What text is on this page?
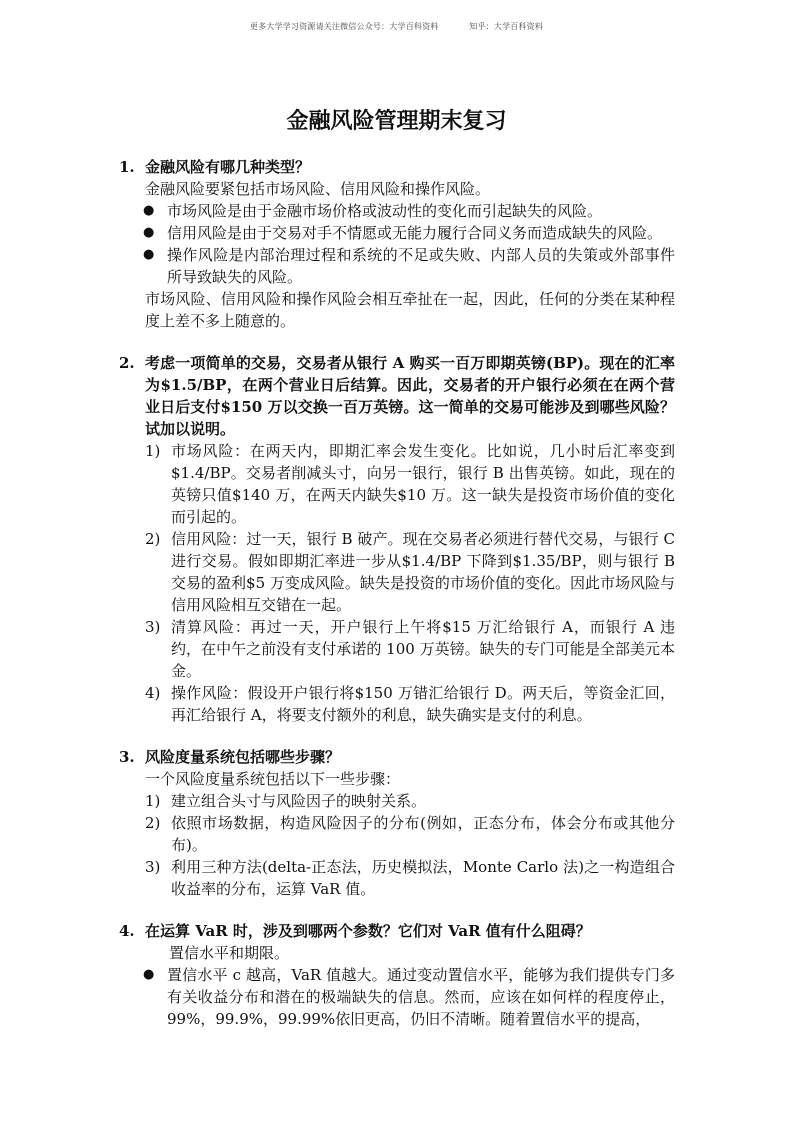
更多大学学习资源请关注微信公众号：大学百科资料	知乎：大学百科资料
金融风险管理期末复习
1. 金融风险有哪几种类型？
金融风险要紧包括市场风险、信用风险和操作风险。
● 市场风险是由于金融市场价格或波动性的变化而引起缺失的风险。
● 信用风险是由于交易对手不情愿或无能力履行合同义务而造成缺失的风险。
● 操作风险是内部治理过程和系统的不足或失败、内部人员的失策或外部事件所导致缺失的风险。
市场风险、信用风险和操作风险会相互牵扯在一起，因此，任何的分类在某种程度上差不多上随意的。
2. 考虑一项简单的交易，交易者从银行 A 购买一百万即期英镑(BP)。现在的汇率为$1.5/BP，在两个营业日后结算。因此，交易者的开户银行必须在在两个营业日后支付$150 万以交换一百万英镑。这一简单的交易可能涉及到哪些风险？试加以说明。
1) 市场风险：在两天内，即期汇率会发生变化。比如说，几小时后汇率变到$1.4/BP。交易者削减头寸，向另一银行，银行 B 出售英镑。如此，现在的英镑只值$140 万，在两天内缺失$10 万。这一缺失是投资市场价值的变化而引起的。
2) 信用风险：过一天，银行 B 破产。现在交易者必须进行替代交易，与银行 C 进行交易。假如即期汇率进一步从$1.4/BP 下降到$1.35/BP，则与银行 B 交易的盈利$5 万变成风险。缺失是投资的市场价值的变化。因此市场风险与信用风险相互交错在一起。
3) 清算风险：再过一天，开户银行上午将$15 万汇给银行 A，而银行 A 违约，在中午之前没有支付承诺的 100 万英镑。缺失的专门可能是全部美元本金。
4) 操作风险：假设开户银行将$150 万错汇给银行 D。两天后，等资金汇回，再汇给银行 A，将要支付额外的利息，缺失确实是支付的利息。
3. 风险度量系统包括哪些步骤？
一个风险度量系统包括以下一些步骤：
1) 建立组合头寸与风险因子的映射关系。
2) 依照市场数据，构造风险因子的分布(例如，正态分布，体会分布或其他分布)。
3) 利用三种方法(delta-正态法，历史模拟法，Monte Carlo 法)之一构造组合收益率的分布，运算 VaR 值。
4. 在运算 VaR 时，涉及到哪两个参数？它们对 VaR 值有什么阻碍？
置信水平和期限。
● 置信水平 c 越高，VaR 值越大。通过变动置信水平，能够为我们提供专门多有关收益分布和潜在的极端缺失的信息。然而，应该在如何样的程度停止，99%，99.9%，99.99%依旧更高，仍旧不清晰。随着置信水平的提高，
